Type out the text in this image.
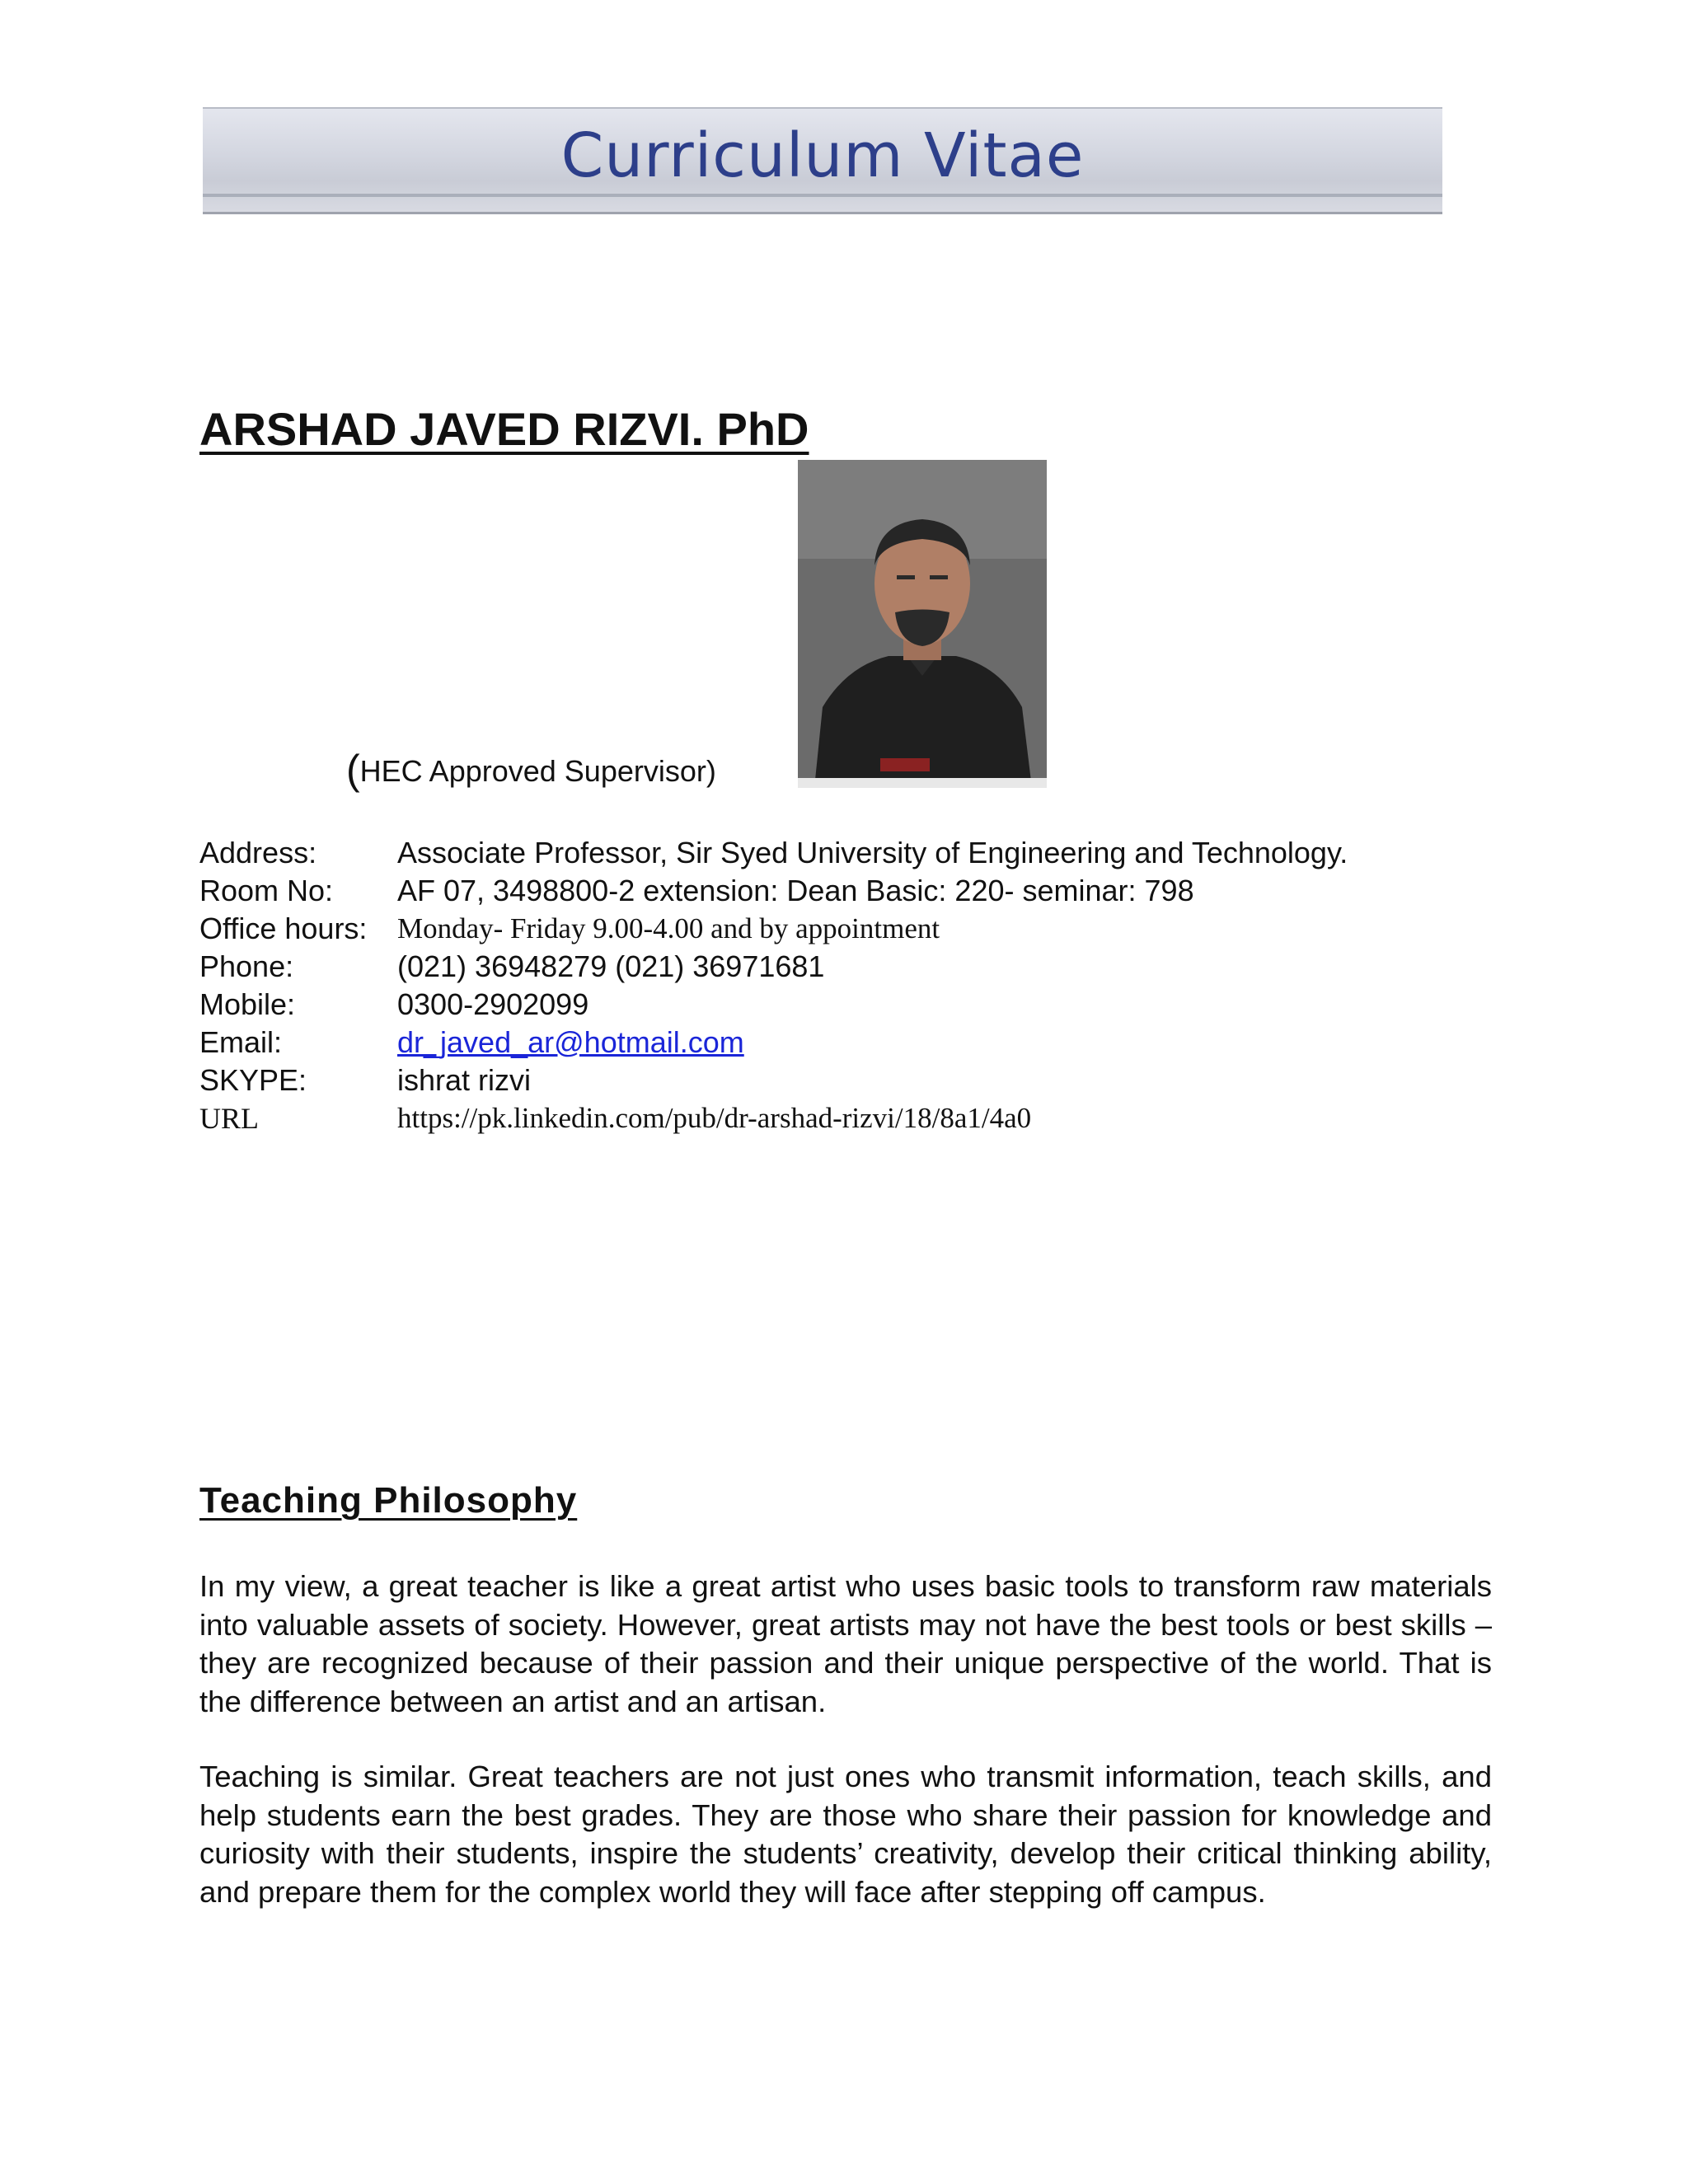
Curriculum Vitae
ARSHAD JAVED RIZVI. PhD
(HEC Approved Supervisor)
Address:	Associate Professor, Sir Syed University of Engineering and Technology.
Room No: AF 07, 3498800-2 extension: Dean Basic: 220- seminar: 798
Office hours: Monday- Friday 9.00-4.00 and by appointment
Phone:	(021) 36948279 (021) 36971681
Mobile:	0300-2902099
Email:	dr_javed_ar@hotmail.com
SKYPE:	ishrat rizvi
URL	https://pk.linkedin.com/pub/dr-arshad-rizvi/18/8a1/4a0
Teaching Philosophy

In my view, a great teacher is like a great artist who uses basic tools to transform raw materials into valuable assets of society. However, great artists may not have the best tools or best skills – they are recognized because of their passion and their unique perspective of the world. That is the difference between an artist and an artisan.

Teaching is similar. Great teachers are not just ones who transmit information, teach skills, and help students earn the best grades. They are those who share their passion for knowledge and curiosity with their students, inspire the students’ creativity, develop their critical thinking ability, and prepare them for the complex world they will face after stepping off campus.
